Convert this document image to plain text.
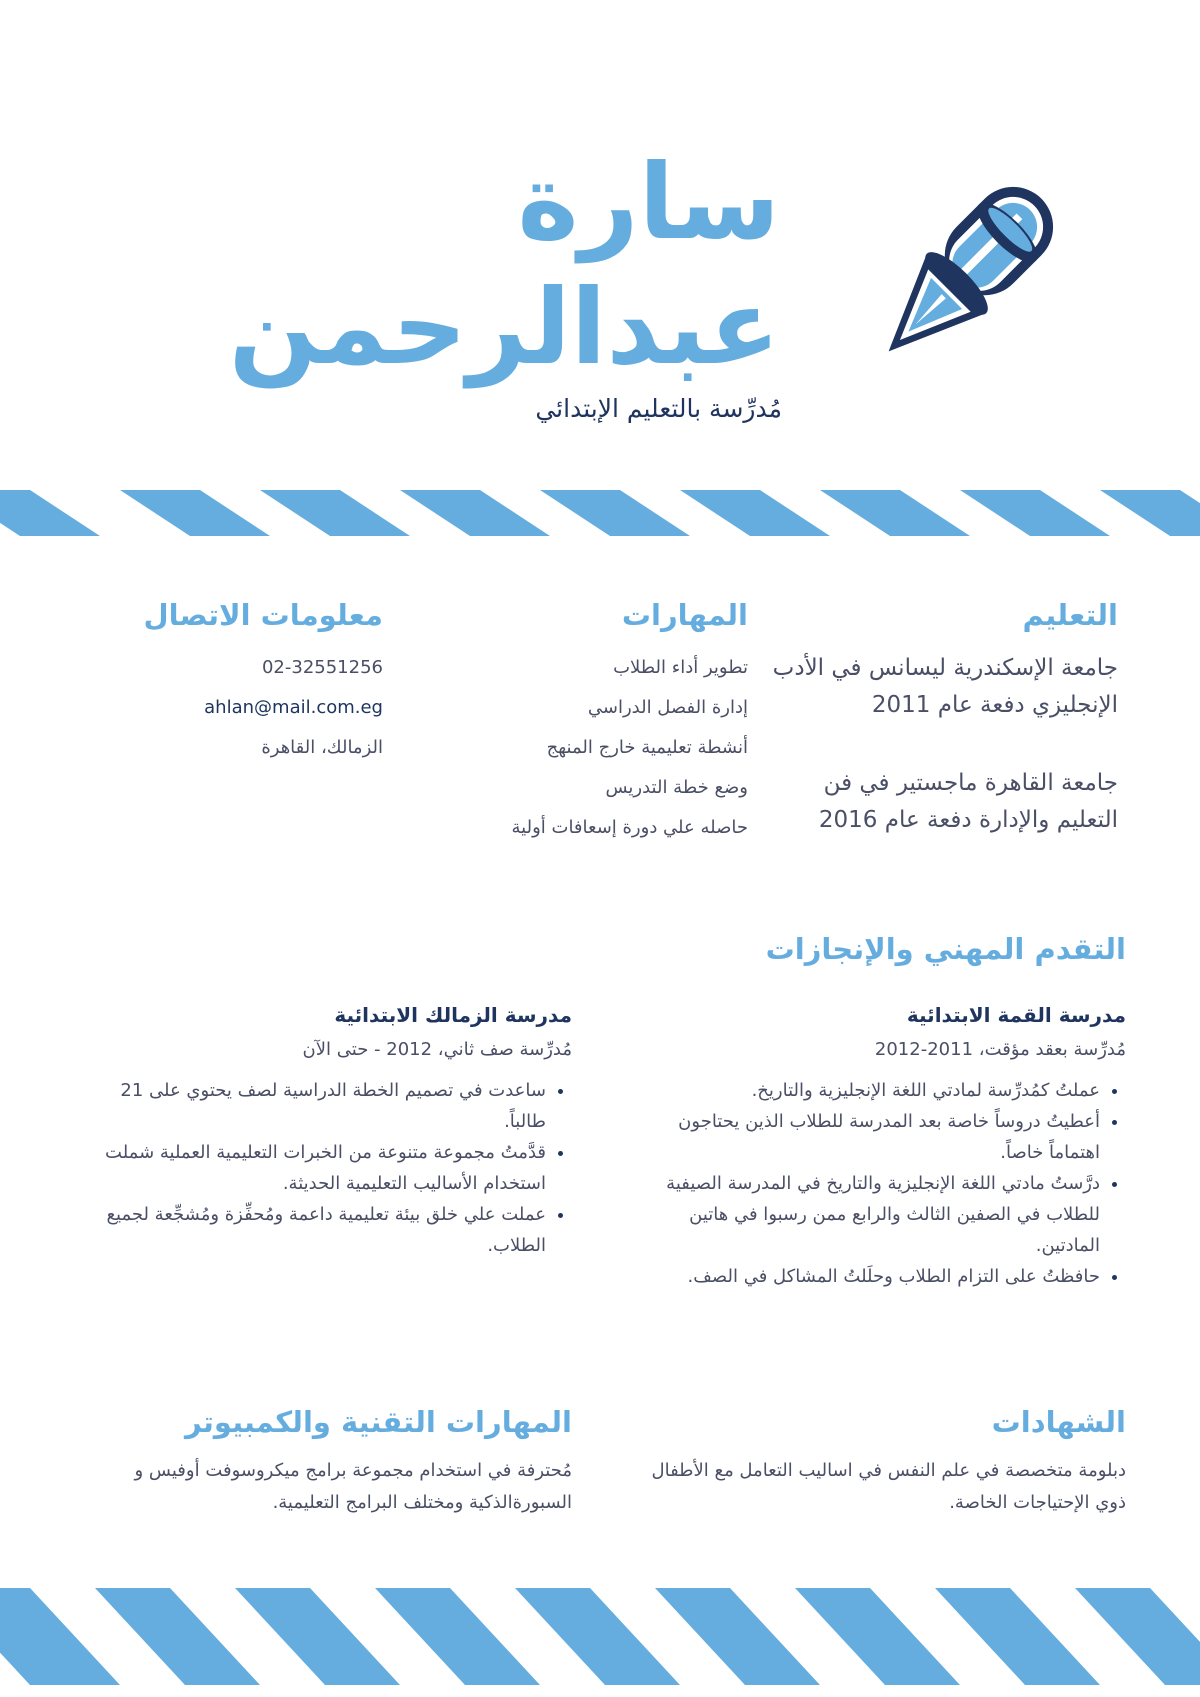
سارة عبدالرحمن
مُدرِّسة بالتعليم الإبتدائي
التعليم
جامعة الإسكندرية ليسانس في الأدب الإنجليزي دفعة عام 2011
جامعة القاهرة ماجستير في فن التعليم والإدارة دفعة عام 2016
المهارات
تطوير أداء الطلاب
إدارة الفصل الدراسي
أنشطة تعليمية خارج المنهج
وضع خطة التدريس
حاصله علي دورة إسعافات أولية
معلومات الاتصال
02-32551256
ahlan@mail.com.eg
الزمالك، القاهرة
التقدم المهني والإنجازات
مدرسة القمة الابتدائية
مُدرِّسة بعقد مؤقت، 2011-2012
• عملتُ كمُدرِّسة لمادتي اللغة الإنجليزية والتاريخ.
• أعطيتُ دروساً خاصة بعد المدرسة للطلاب الذين يحتاجون اهتماماً خاصاً.
• درَّستُ مادتي اللغة الإنجليزية والتاريخ في المدرسة الصيفية للطلاب في الصفين الثالث والرابع ممن رسبوا في هاتين المادتين.
• حافظتُ على التزام الطلاب وحلَلتُ المشاكل في الصف.
مدرسة الزمالك الابتدائية
مُدرِّسة صف ثاني، 2012 - حتى الآن
• ساعدت في تصميم الخطة الدراسية لصف يحتوي على 21 طالباً.
• قدَّمتُ مجموعة متنوعة من الخبرات التعليمية العملية شملت استخدام الأساليب التعليمية الحديثة.
• عملت علي خلق بيئة تعليمية داعمة ومُحفِّزة ومُشجِّعة لجميع الطلاب.
الشهادات
دبلومة متخصصة في علم النفس في اساليب التعامل مع الأطفال ذوي الإحتياجات الخاصة.
المهارات التقنية والكمبيوتر
مُحترفة في استخدام مجموعة برامج ميكروسوفت أوفيس و السبورةالذكية ومختلف البرامج التعليمية.
